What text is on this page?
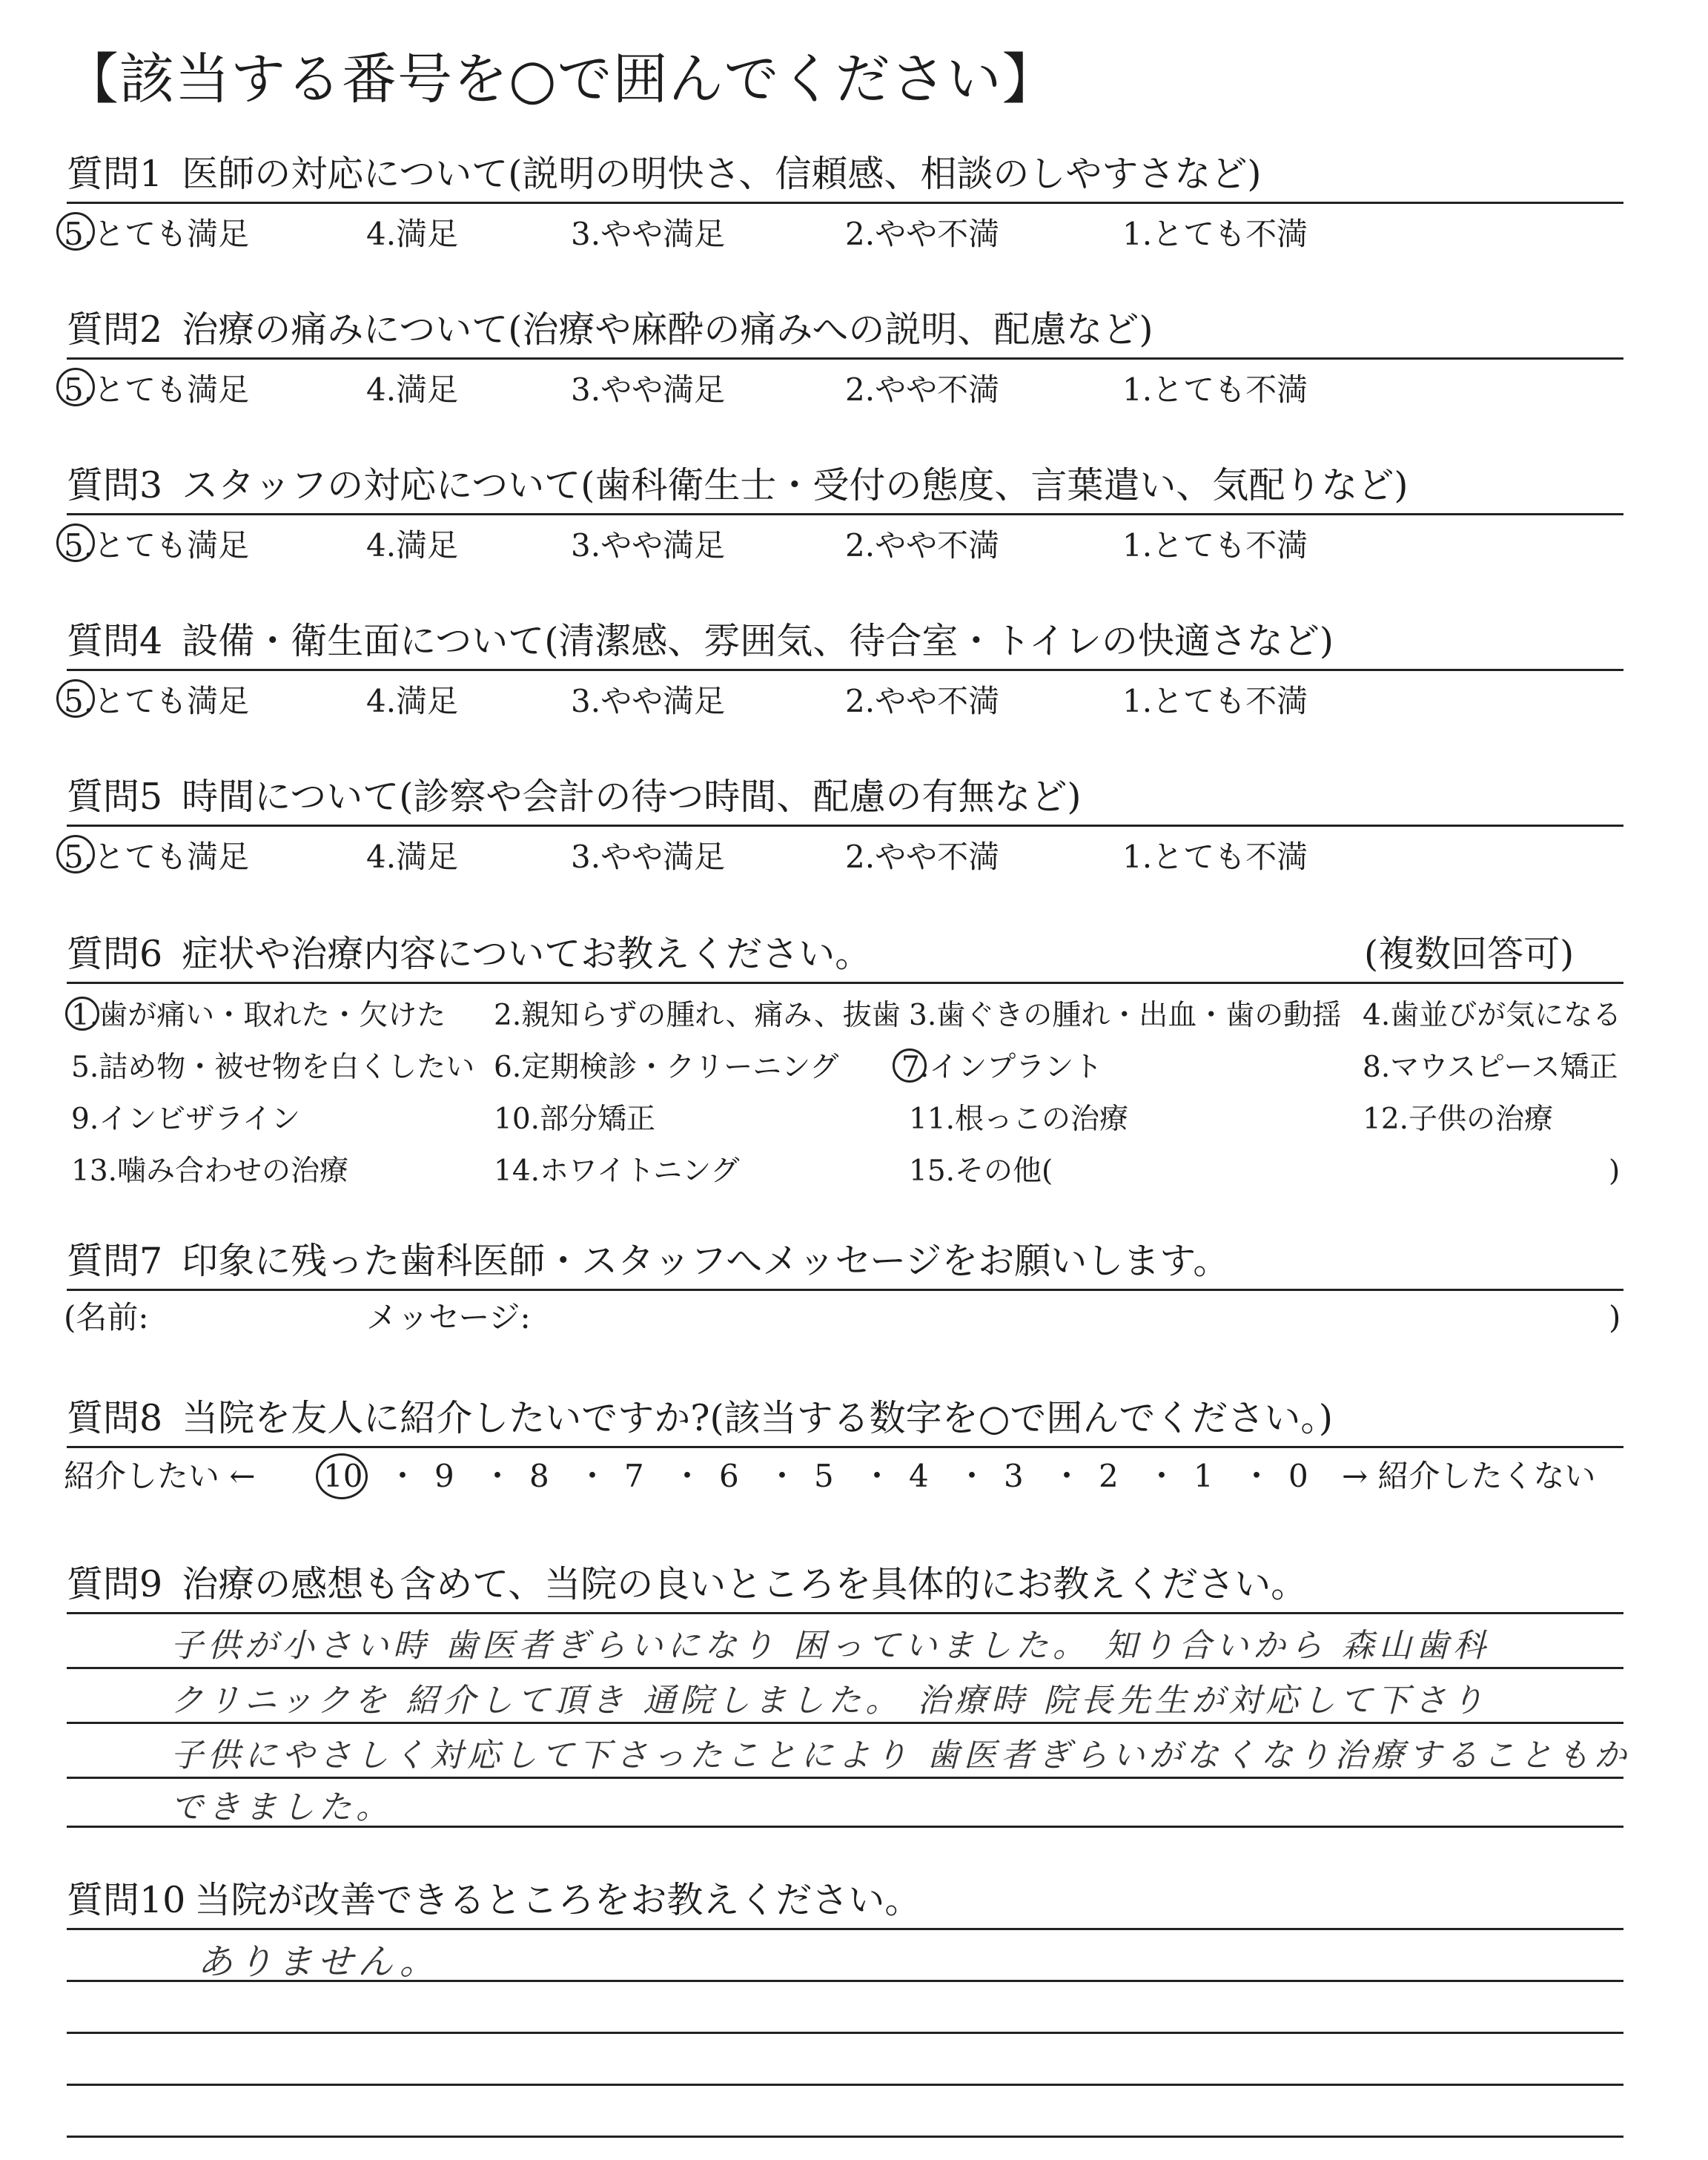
【該当する番号を○で囲んでください】
質問1 医師の対応について(説明の明快さ、信頼感、相談のしやすさなど)
5.とても満足	4.満足	3.やや満足	2.やや不満	1.とても不満
質問2 治療の痛みについて(治療や麻酔の痛みへの説明、配慮など)
5.とても満足	4.満足	3.やや満足	2.やや不満	1.とても不満
質問3 スタッフの対応について(歯科衛生士・受付の態度、言葉遣い、気配りなど)
5.とても満足	4.満足	3.やや満足	2.やや不満	1.とても不満
質問4 設備・衛生面について(清潔感、雰囲気、待合室・トイレの快適さなど)
5.とても満足	4.満足	3.やや満足	2.やや不満	1.とても不満
質問5 時間について(診察や会計の待つ時間、配慮の有無など)
5.とても満足	4.満足	3.やや満足	2.やや不満	1.とても不満
質問6 症状や治療内容についてお教えください。	(複数回答可)
1.歯が痛い・取れた・欠けた 2.親知らずの腫れ、痛み、抜歯 3.歯ぐきの腫れ・出血・歯の動揺 4.歯並びが気になる
5.詰め物・被せ物を白くしたい 6.定期検診・クリーニング 7.インプラント	8.マウスピース矯正
9.インビザライン	10.部分矯正	11.根っこの治療	12.子供の治療
13.噛み合わせの治療	14.ホワイトニング	15.その他(	)
質問7 印象に残った歯科医師・スタッフへメッセージをお願いします。
(名前:	メッセージ:	)
質問8 当院を友人に紹介したいですか?(該当する数字を○で囲んでください。)
紹介したい ← 10 ・ 9 ・ 8 ・ 7 ・ 6 ・ 5 ・ 4 ・ 3 ・ 2 ・ 1 ・ 0 → 紹介したくない
質問9 治療の感想も含めて、当院の良いところを具体的にお教えください。
子供が小さい時 歯医者ぎらいになり 困っていました。 知り合いから 森山歯科
クリニックを 紹介して頂き 通院しました。 治療時 院長先生が対応して下さり
子供にやさしく対応して下さったことにより 歯医者ぎらいがなくなり治療することもか
できました。
質問10 当院が改善できるところをお教えください。
ありません。
